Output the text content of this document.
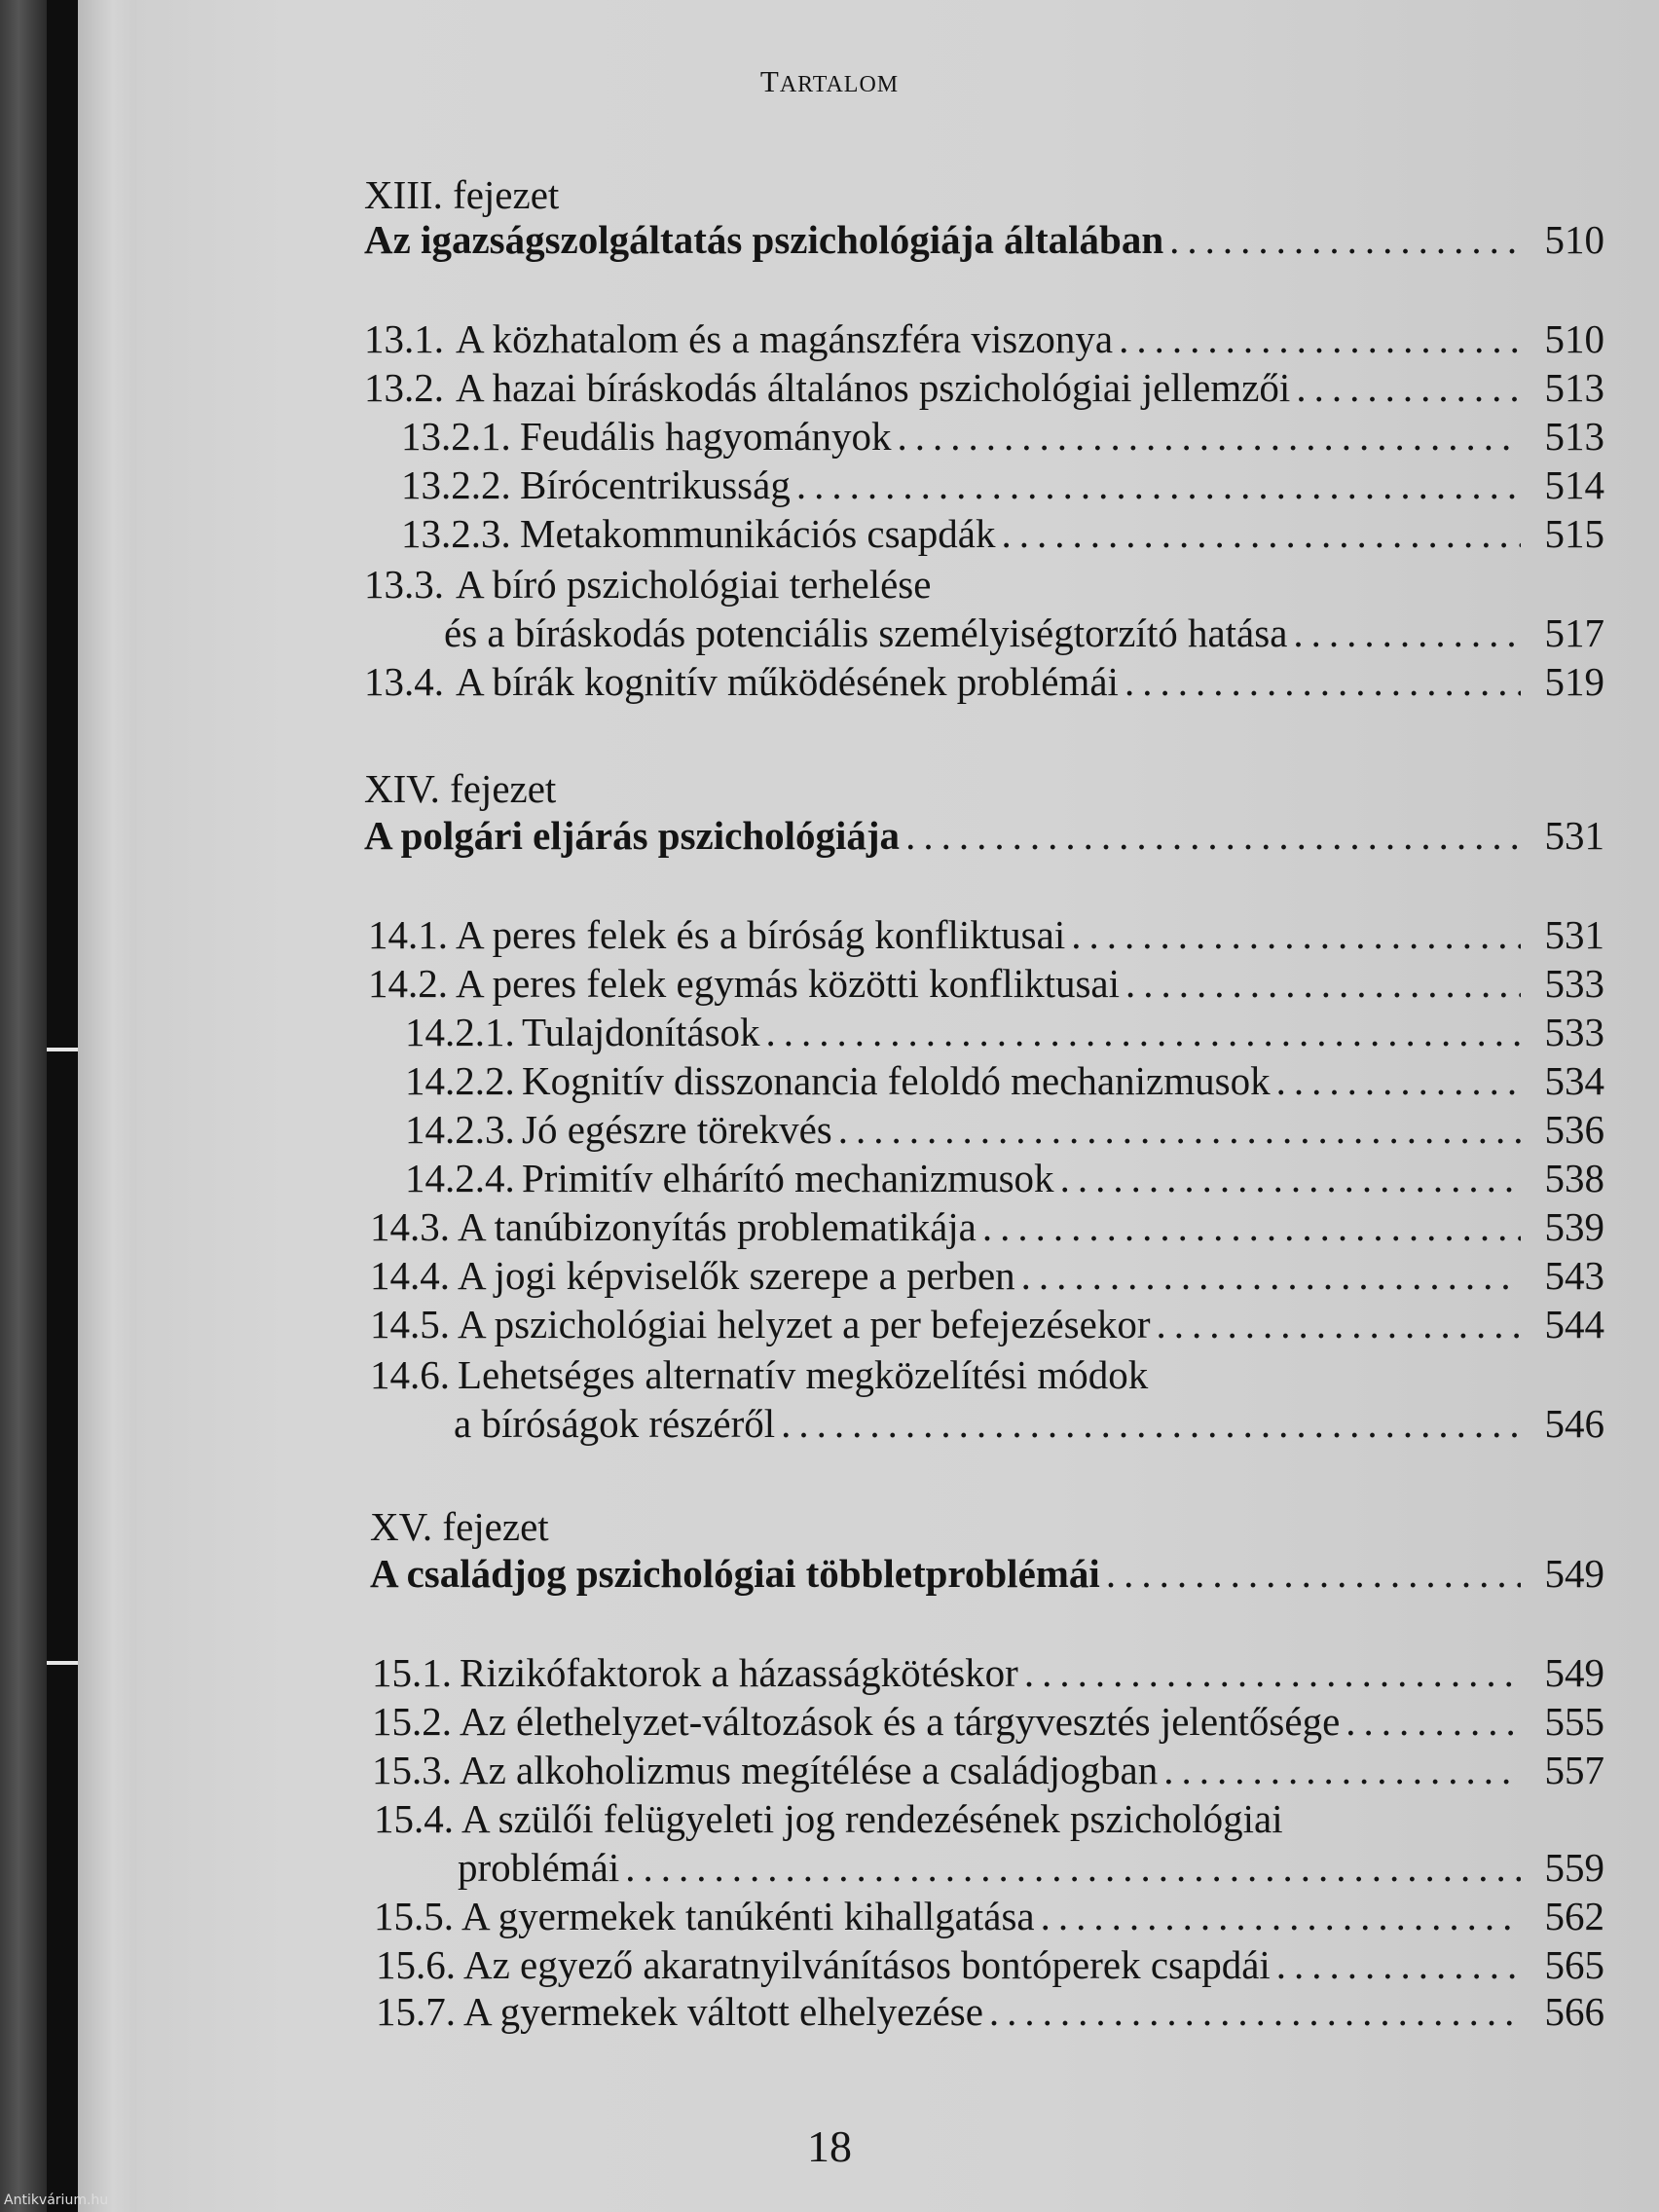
TARTALOM
XIII. fejezet
Az igazságszolgáltatás pszichológiája általában .....	510
13.1. A közhatalom és a magánszféra viszonya .....	510
13.2. A hazai bíráskodás általános pszichológiai jellemzői .....	513
13.2.1. Feudális hagyományok .....	513
13.2.2. Bírócentrikusság .....	514
13.2.3. Metakommunikációs csapdák .....	515
13.3. A bíró pszichológiai terhelése
és a bíráskodás potenciális személyiségtorzító hatása .....	517
13.4. A bírák kognitív működésének problémái .....	519
XIV. fejezet
A polgári eljárás pszichológiája .....	531
14.1. A peres felek és a bíróság konfliktusai .....	531
14.2. A peres felek egymás közötti konfliktusai .....	533
14.2.1. Tulajdonítások .....	533
14.2.2. Kognitív disszonancia feloldó mechanizmusok .....	534
14.2.3. Jó egészre törekvés .....	536
14.2.4. Primitív elhárító mechanizmusok .....	538
14.3. A tanúbizonyítás problematikája .....	539
14.4. A jogi képviselők szerepe a perben .....	543
14.5. A pszichológiai helyzet a per befejezésekor .....	544
14.6. Lehetséges alternatív megközelítési módok
a bíróságok részéről .....	546
XV. fejezet
A családjog pszichológiai többletproblémái .....	549
15.1. Rizikófaktorok a házasságkötéskor .....	549
15.2. Az élethelyzet-változások és a tárgyvesztés jelentősége .....	555
15.3. Az alkoholizmus megítélése a családjogban .....	557
15.4. A szülői felügyeleti jog rendezésének pszichológiai
problémái .....	559
15.5. A gyermekek tanúkénti kihallgatása .....	562
15.6. Az egyező akaratnyilvánításos bontóperek csapdái .....	565
15.7. A gyermekek váltott elhelyezése .....	566
18
Antikvárium.hu
